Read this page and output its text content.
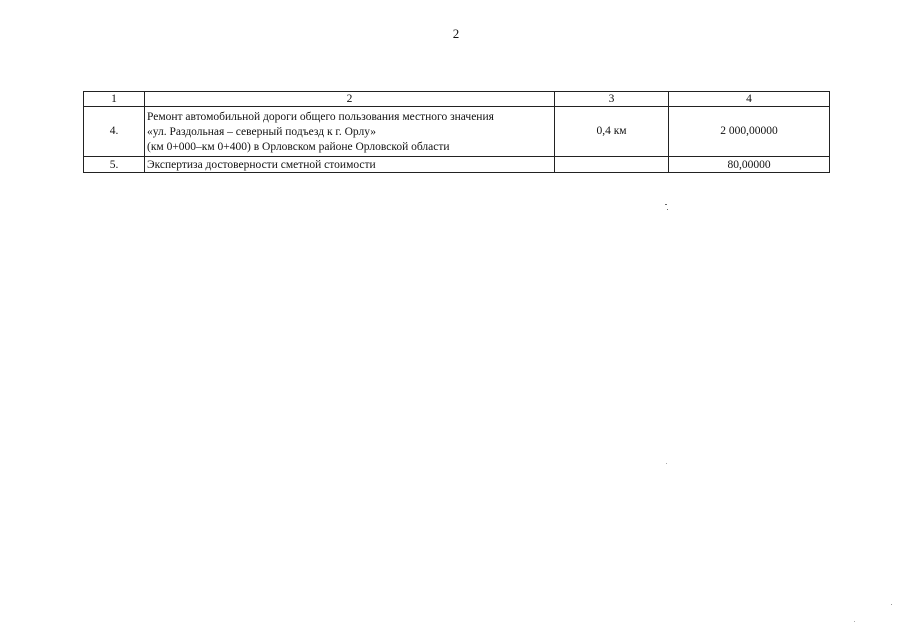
2
1	2	3	4
4.	Ремонт автомобильной дороги общего пользования местного значения
«ул. Раздольная – северный подъезд к г. Орлу»
(км 0+000–км 0+400) в Орловском районе Орловской области	0,4 км	2 000,00000
5.	Экспертиза достоверности сметной стоимости		80,00000
